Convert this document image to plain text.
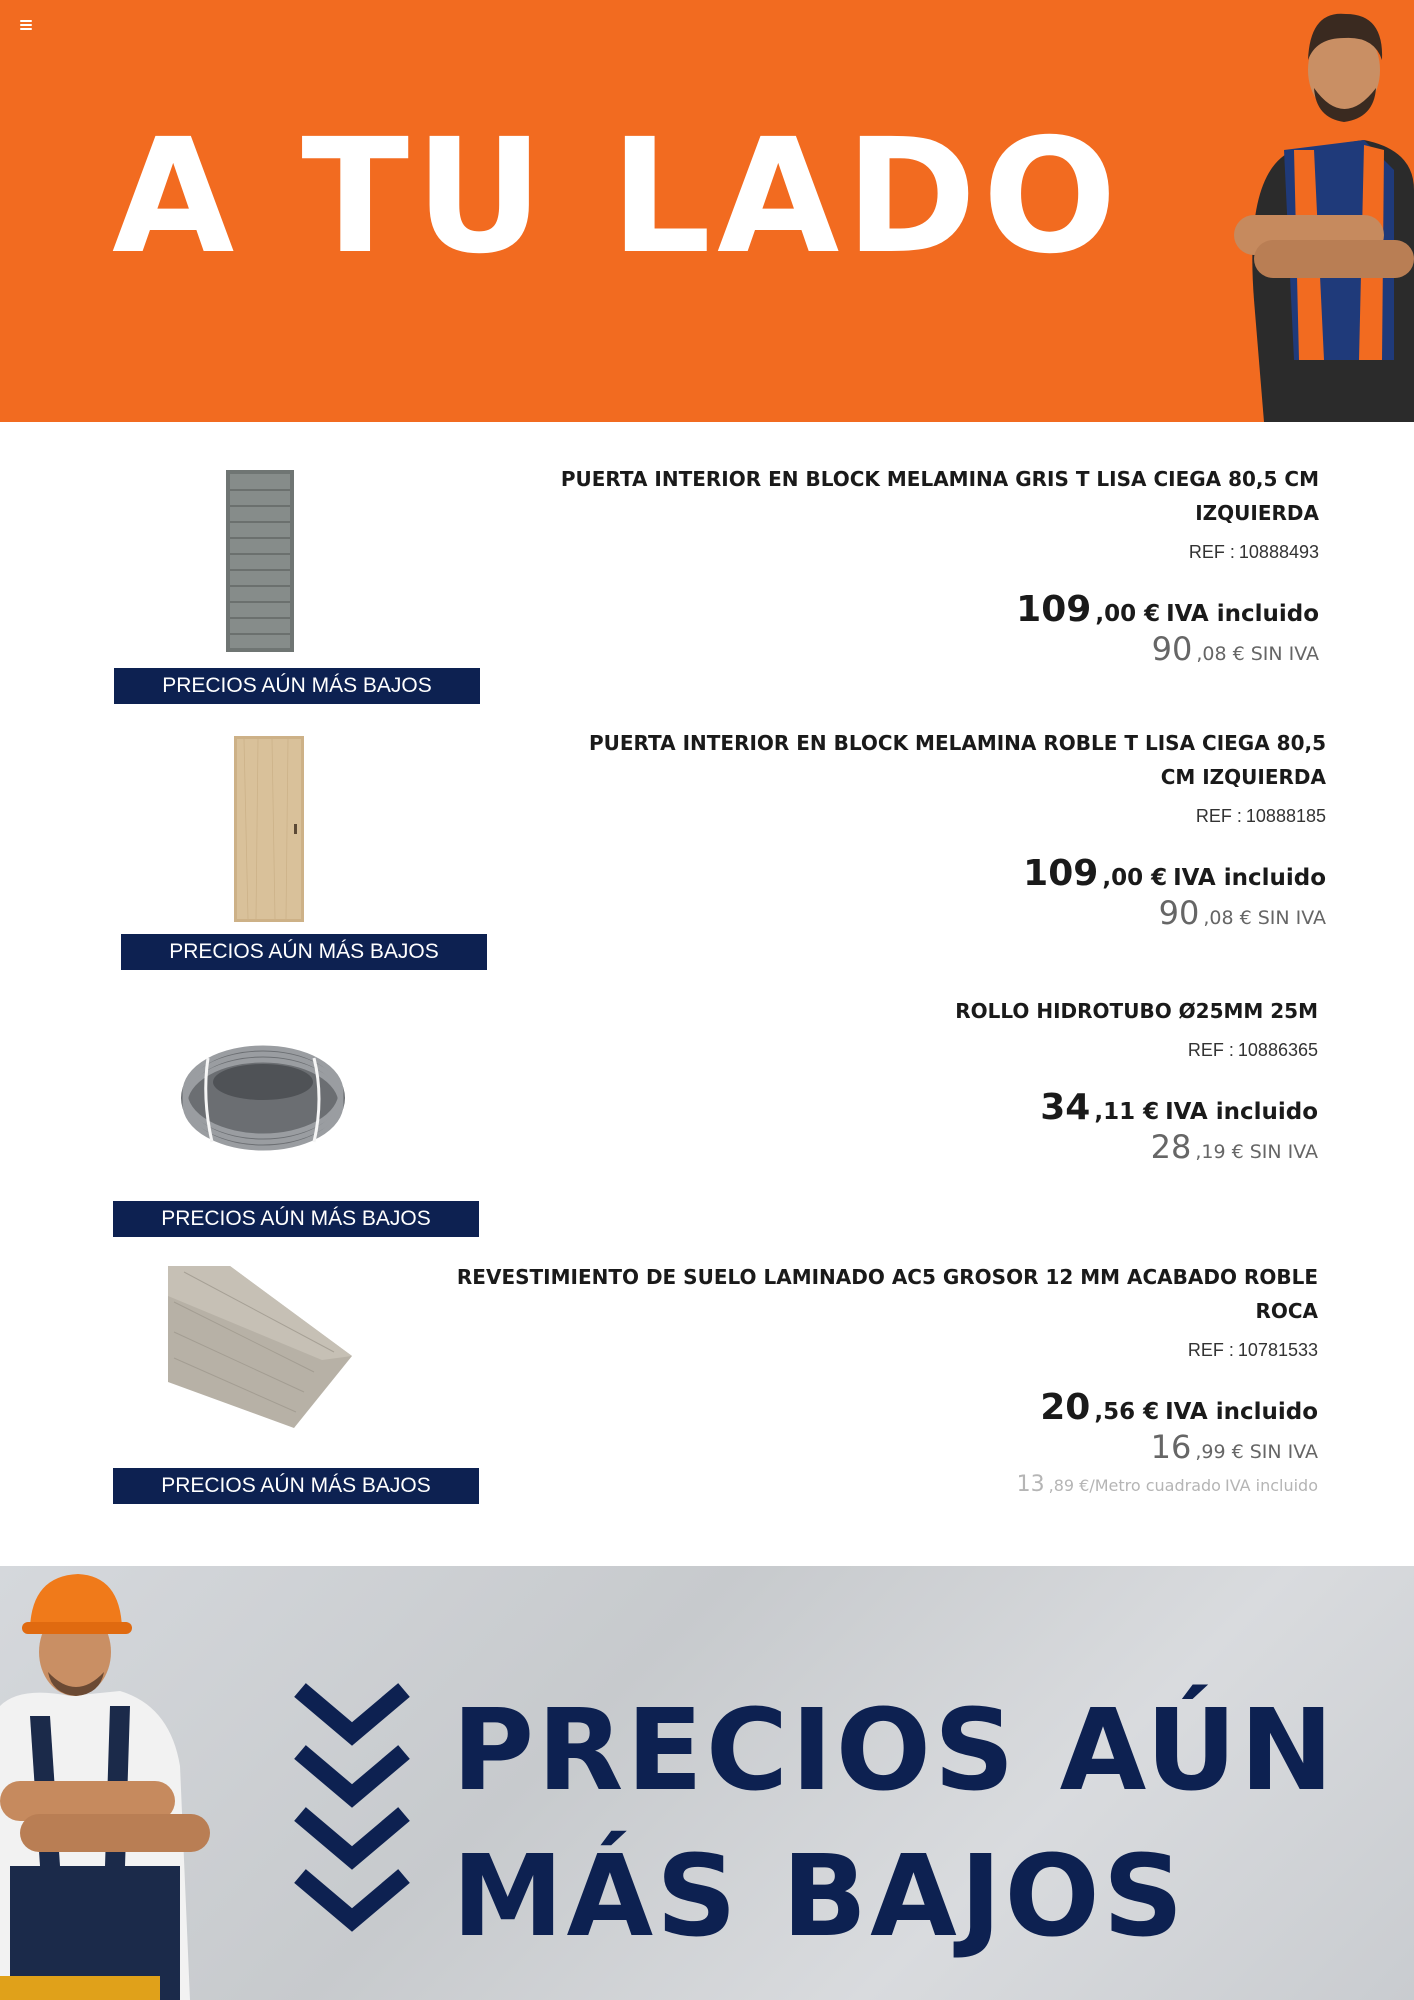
A TU LADO
PRECIOS AÚN MÁS BAJOS
PUERTA INTERIOR EN BLOCK MELAMINA GRIS T LISA CIEGA 80,5 CM IZQUIERDA
REF : 10888493
109 ,00 € IVA incluido
90 ,08 € SIN IVA
PRECIOS AÚN MÁS BAJOS
PUERTA INTERIOR EN BLOCK MELAMINA ROBLE T LISA CIEGA 80,5 CM IZQUIERDA
REF : 10888185
109 ,00 € IVA incluido
90 ,08 € SIN IVA
PRECIOS AÚN MÁS BAJOS
ROLLO HIDROTUBO Ø25MM 25M
REF : 10886365
34 ,11 € IVA incluido
28 ,19 € SIN IVA
PRECIOS AÚN MÁS BAJOS
REVESTIMIENTO DE SUELO LAMINADO AC5 GROSOR 12 MM ACABADO ROBLE ROCA
REF : 10781533
20 ,56 € IVA incluido
16 ,99 € SIN IVA
13 ,89 €/Metro cuadrado IVA incluido
PRECIOS AÚN
MÁS BAJOS
